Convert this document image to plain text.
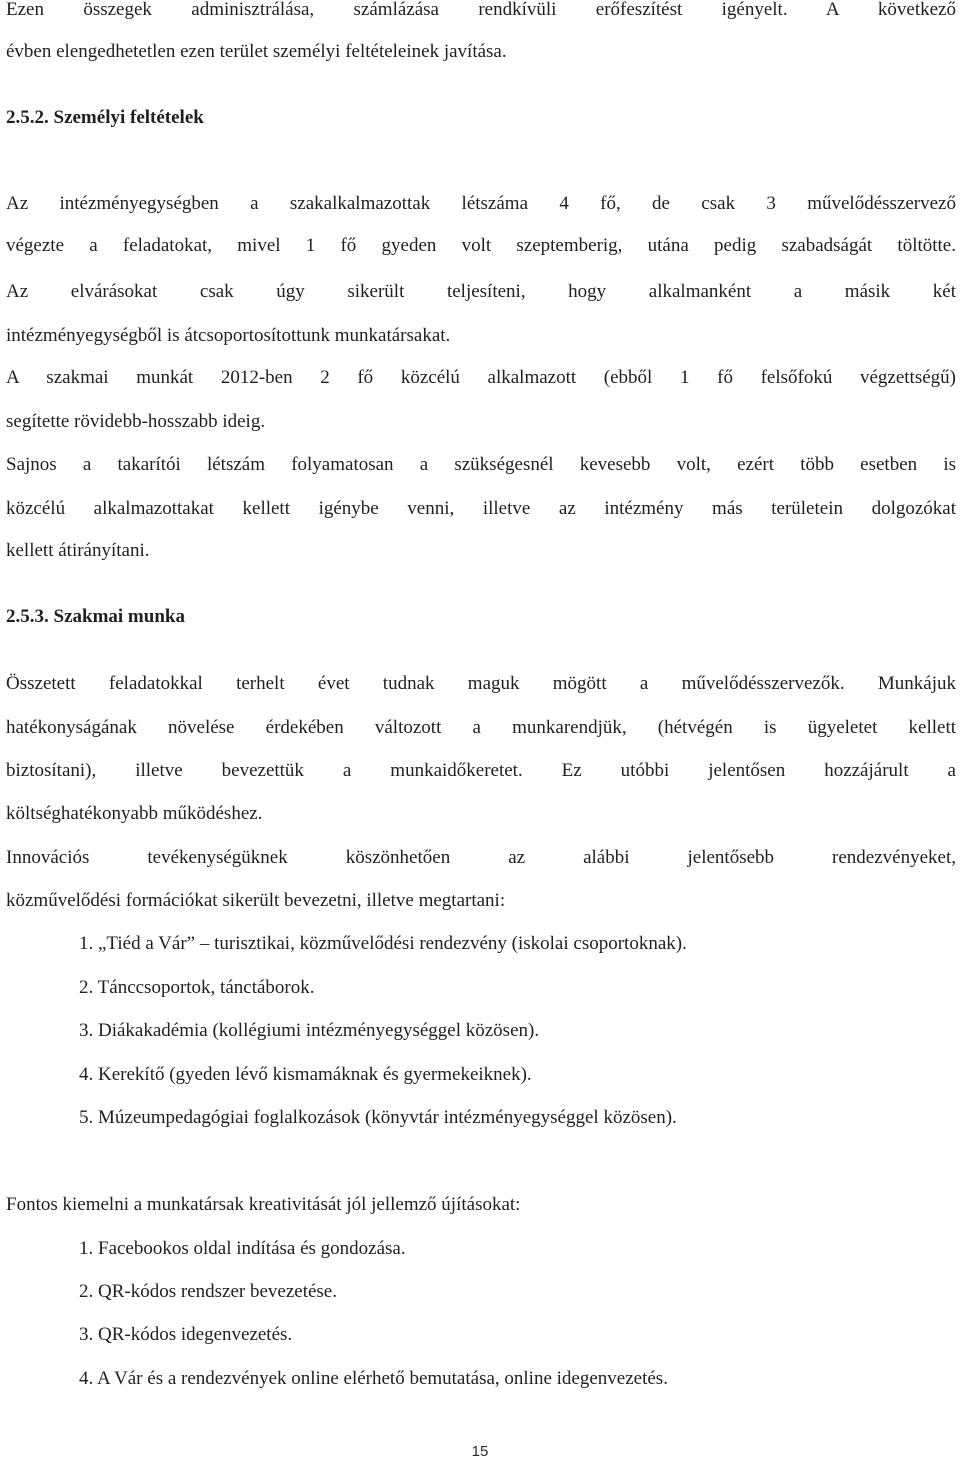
Ezen összegek adminisztrálása, számlázása rendkívüli erőfeszítést igényelt. A következő
évben elengedhetetlen ezen terület személyi feltételeinek javítása.
2.5.2. Személyi feltételek
Az intézményegységben a szakalkalmazottak létszáma 4 fő, de csak 3 művelődésszervező
végezte a feladatokat, mivel 1 fő gyeden volt szeptemberig, utána pedig szabadságát töltötte.
Az elvárásokat csak úgy sikerült teljesíteni, hogy alkalmanként a másik két
intézményegységből is átcsoportosítottunk munkatársakat.
A szakmai munkát 2012-ben 2 fő közcélú alkalmazott (ebből 1 fő felsőfokú végzettségű)
segítette rövidebb-hosszabb ideig.
Sajnos a takarítói létszám folyamatosan a szükségesnél kevesebb volt, ezért több esetben is
közcélú alkalmazottakat kellett igénybe venni, illetve az intézmény más területein dolgozókat
kellett átirányítani.
2.5.3. Szakmai munka
Összetett feladatokkal terhelt évet tudnak maguk mögött a művelődésszervezők. Munkájuk
hatékonyságának növelése érdekében változott a munkarendjük, (hétvégén is ügyeletet kellett
biztosítani), illetve bevezettük a munkaidőkeretet. Ez utóbbi jelentősen hozzájárult a
költséghatékonyabb működéshez.
Innovációs tevékenységüknek köszönhetően az alábbi jelentősebb rendezvényeket,
közművelődési formációkat sikerült bevezetni, illetve megtartani:
1. „Tiéd a Vár” – turisztikai, közművelődési rendezvény (iskolai csoportoknak).
2. Tánccsoportok, tánctáborok.
3. Diákakadémia (kollégiumi intézményegységgel közösen).
4. Kerekítő (gyeden lévő kismamáknak és gyermekeiknek).
5. Múzeumpedagógiai foglalkozások (könyvtár intézményegységgel közösen).
Fontos kiemelni a munkatársak kreativitását jól jellemző újításokat:
1. Facebookos oldal indítása és gondozása.
2. QR-kódos rendszer bevezetése.
3. QR-kódos idegenvezetés.
4. A Vár és a rendezvények online elérhető bemutatása, online idegenvezetés.
15
